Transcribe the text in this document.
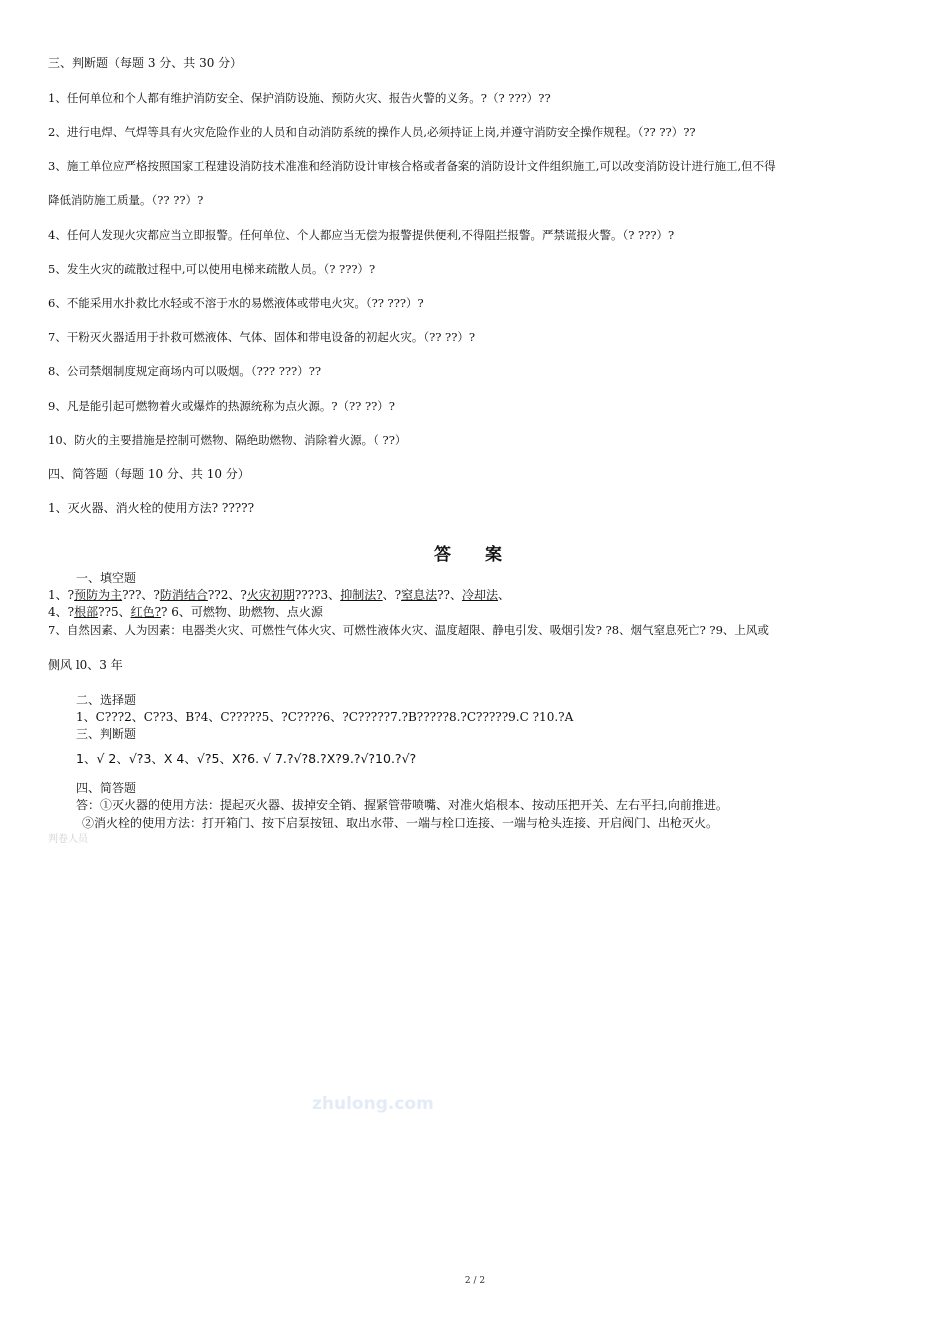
三、判断题（每题 3 分、共 30 分）
1、任何单位和个人都有维护消防安全、保护消防设施、预防火灾、报告火警的义务。?（? ???）??
2、进行电焊、气焊等具有火灾危险作业的人员和自动消防系统的操作人员,必须持证上岗,并遵守消防安全操作规程。（?? ??）??
3、施工单位应严格按照国家工程建设消防技术准准和经消防设计审核合格或者备案的消防设计文件组织施工,可以改变消防设计进行施工,但不得
降低消防施工质量。（?? ??）?
4、任何人发现火灾都应当立即报警。任何单位、个人都应当无偿为报警提供便利,不得阻拦报警。严禁谎报火警。（? ???）?
5、发生火灾的疏散过程中,可以使用电梯来疏散人员。（? ???）?
6、不能采用水扑救比水轻或不溶于水的易燃液体或带电火灾。（?? ???）?
7、干粉灭火器适用于扑救可燃液体、气体、固体和带电设备的初起火灾。（?? ??）?
8、公司禁烟制度规定商场内可以吸烟。（??? ???）??
9、凡是能引起可燃物着火或爆炸的热源统称为点火源。?（?? ??）?
10、防火的主要措施是控制可燃物、隔绝助燃物、消除着火源。（ ??）
四、简答题（每题 10 分、共 10 分）
1、灭火器、消火栓的使用方法? ?????
答 案
一、填空题
1、?预防为主???、?防消结合??2、?火灾初期????3、抑制法?、?窒息法??、冷却法、
4、?根部??5、红色?? 6、可燃物、助燃物、点火源
7、自然因素、人为因素：电器类火灾、可燃性气体火灾、可燃性液体火灾、温度超限、静电引发、吸烟引发? ?8、烟气窒息死亡? ?9、上风或
侧风 l0、3 年
二、选择题
1、C???2、C??3、B?4、C?????5、?C????6、?C?????7.?B?????8.?C?????9.C ?10.?A
三、判断题
1、√ 2、√?3、X 4、√?5、X?6. √ 7.?√?8.?X?9.?√?10.?√?
四、简答题
答：①灭火器的使用方法：提起灭火器、拔掉安全销、握紧管带喷嘴、对准火焰根本、按动压把开关、左右平扫,向前推进。
②消火栓的使用方法：打开箱门、按下启泵按钮、取出水带、一端与栓口连接、一端与枪头连接、开启阀门、出枪灭火。
判卷人员
zhulong.com
2 / 2
